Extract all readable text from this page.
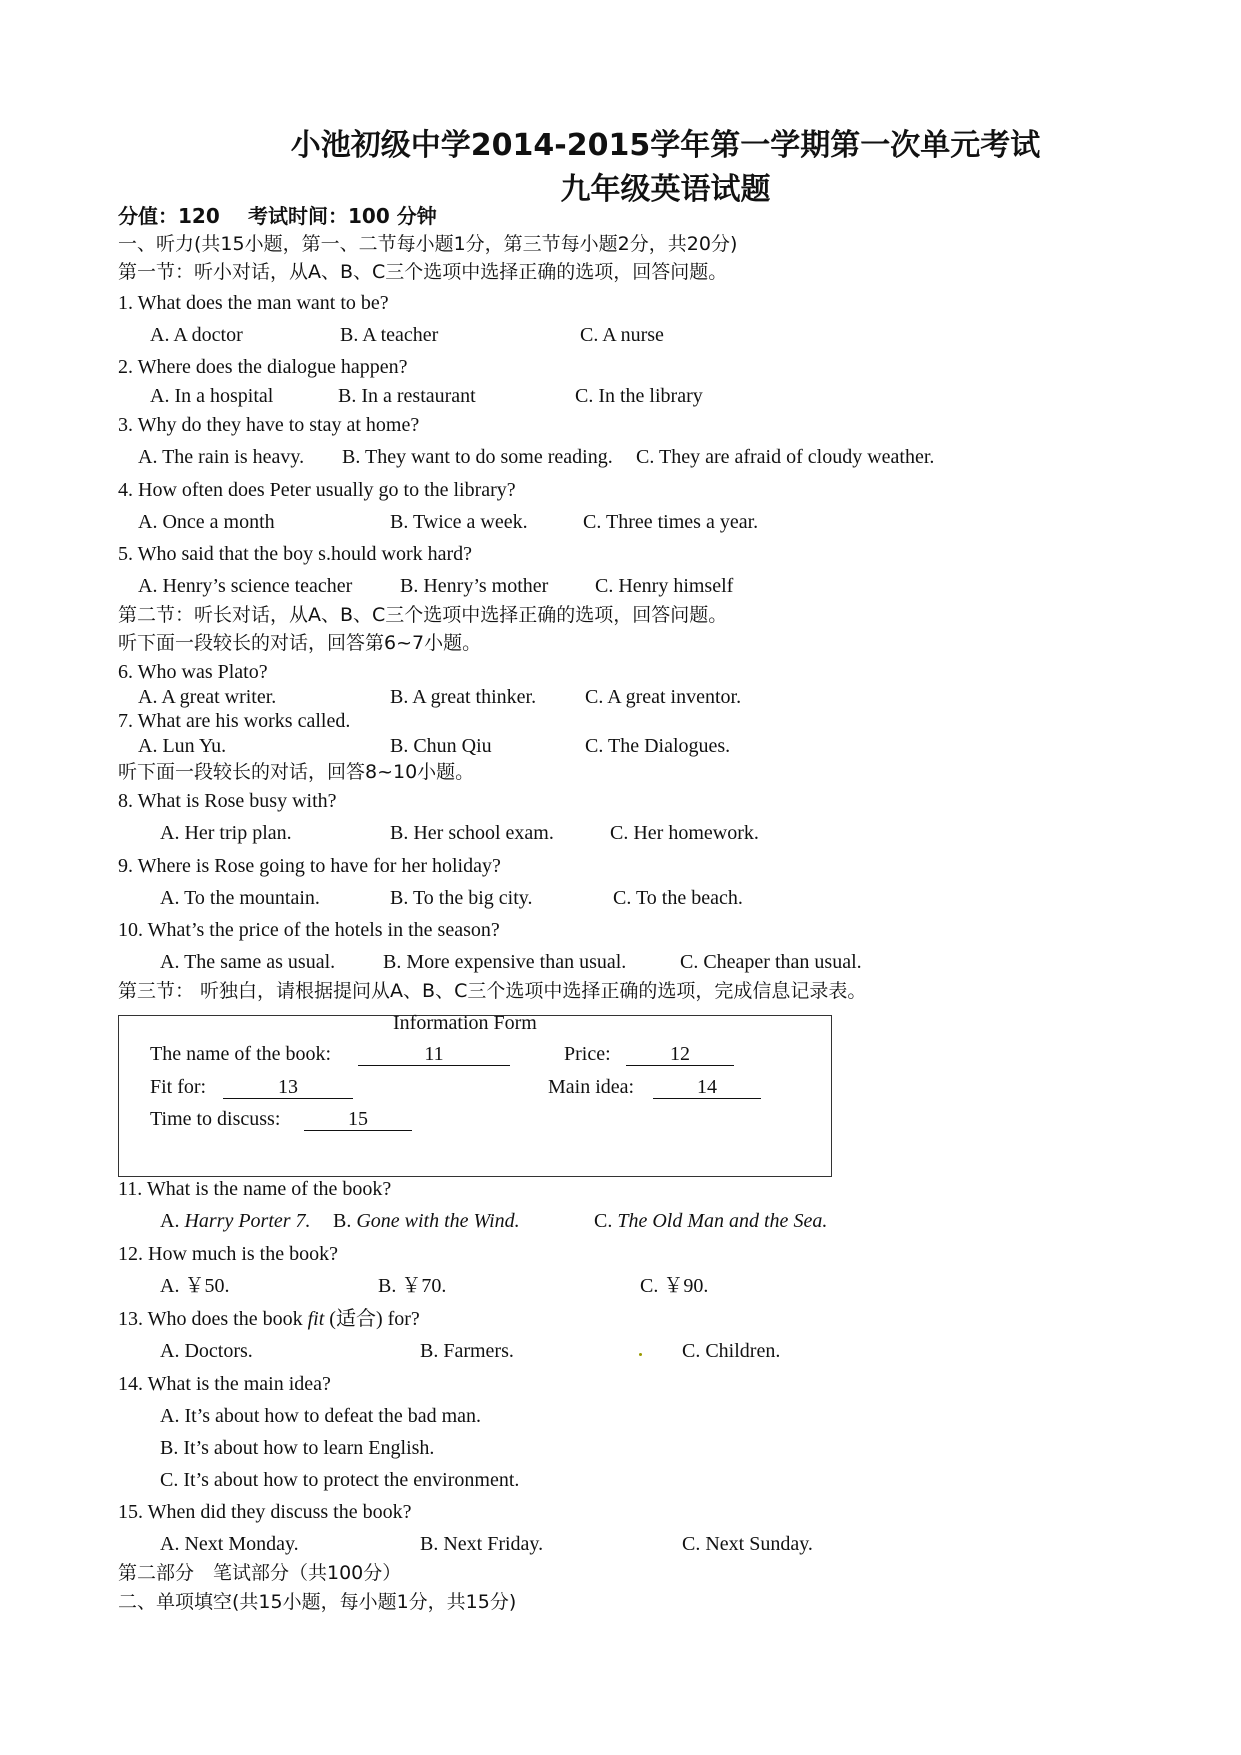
小池初级中学2014-2015学年第一学期第一次单元考试
九年级英语试题
分值：120 考试时间：100 分钟
一、听力(共15小题，第一、二节每小题1分，第三节每小题2分，共20分)
第一节：听小对话，从A、B、C三个选项中选择正确的选项，回答问题。
1. What does the man want to be?
A. A doctor	B. A teacher	C. A nurse
2. Where does the dialogue happen?
A. In a hospital	B. In a restaurant	C. In the library
3. Why do they have to stay at home?
A. The rain is heavy. B. They want to do some reading. C. They are afraid of cloudy weather.
4. How often does Peter usually go to the library?
A. Once a month	B. Twice a week.	C. Three times a year.
5. Who said that the boy s.hould work hard?
A. Henry’s science teacher B. Henry’s mother C. Henry himself
第二节：听长对话，从A、B、C三个选项中选择正确的选项，回答问题。
听下面一段较长的对话，回答第6~7小题。
6. Who was Plato?
A. A great writer.	B. A great thinker. C. A great inventor.
7. What are his works called.
A. Lun Yu.	B. Chun Qiu	C. The Dialogues.
听下面一段较长的对话，回答8~10小题。
8. What is Rose busy with?
A. Her trip plan.	B. Her school exam.	C. Her homework.
9. Where is Rose going to have for her holiday?
A. To the mountain.	B. To the big city.	C. To the beach.
10. What’s the price of the hotels in the season?
A. The same as usual. B. More expensive than usual.	C. Cheaper than usual.
第三节： 听独白，请根据提问从A、B、C三个选项中选择正确的选项，完成信息记录表。
Information Form
The name of the book:	11	Price:	12
Fit for:	13	Main idea:	14
Time to discuss:	15
11. What is the name of the book?
A. Harry Porter 7. B. Gone with the Wind.	C. The Old Man and the Sea.
12. How much is the book?
A. ￥50.	B. ￥70.	C. ￥90.
13. Who does the book fit (适合) for?
A. Doctors.	B. Farmers.	C. Children.
14. What is the main idea?
A. It’s about how to defeat the bad man.
B. It’s about how to learn English.
C. It’s about how to protect the environment.
15. When did they discuss the book?
A. Next Monday.	B. Next Friday.	C. Next Sunday.
第二部分　笔试部分（共100分）
二、单项填空(共15小题，每小题1分，共15分)
